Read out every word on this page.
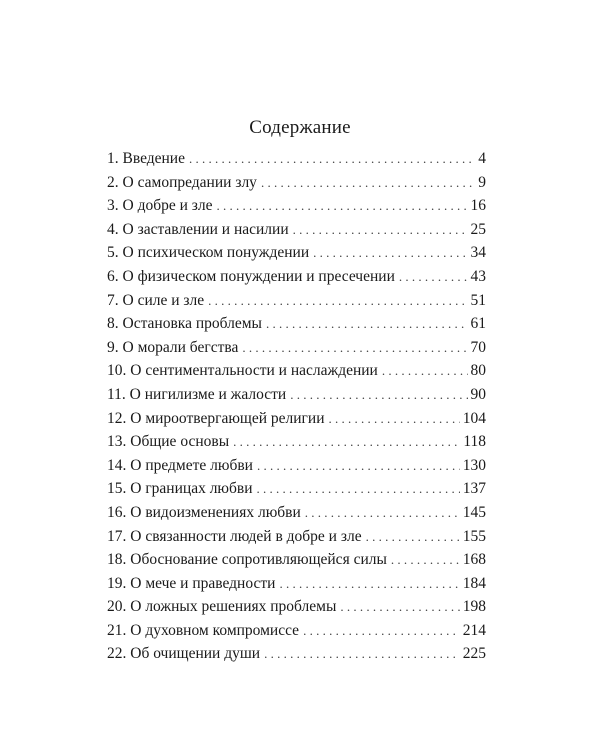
Содержание
1. Введение . . .	4
2. О самопредании злу . . .	9
3. О добре и зле . . .	16
4. О заставлении и насилии . . .	25
5. О психическом понуждении . . .	34
6. О физическом понуждении и пресечении . . .	43
7. О силе и зле . . .	51
8. Остановка проблемы . . .	61
9. О морали бегства . . .	70
10. О сентиментальности и наслаждении . . .	80
11. О нигилизме и жалости . . .	90
12. О мироотвергающей религии . . .	104
13. Общие основы . . .	118
14. О предмете любви . . .	130
15. О границах любви . . .	137
16. О видоизменениях любви . . .	145
17. О связанности людей в добре и зле . . .	155
18. Обоснование сопротивляющейся силы . . .	168
19. О мече и праведности . . .	184
20. О ложных решениях проблемы . . .	198
21. О духовном компромиссе . . .	214
22. Об очищении души . . .	225
